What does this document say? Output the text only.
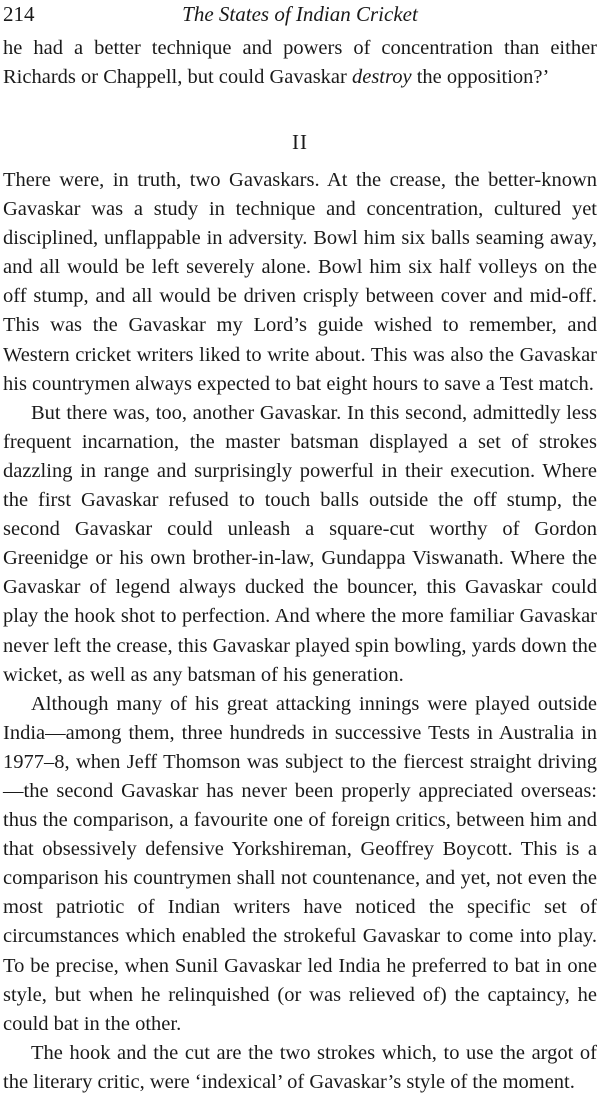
214	The States of Indian Cricket

he had a better technique and powers of concentration than either Richards or Chappell, but could Gavaskar destroy the opposition?’

II

There were, in truth, two Gavaskars. At the crease, the better-known Gavaskar was a study in technique and concentration, cultured yet disciplined, unflappable in adversity. Bowl him six balls seaming away, and all would be left severely alone. Bowl him six half volleys on the off stump, and all would be driven crisply between cover and mid-off. This was the Gavaskar my Lord’s guide wished to remember, and Western cricket writers liked to write about. This was also the Gavaskar his countrymen always expected to bat eight hours to save a Test match.

But there was, too, another Gavaskar. In this second, admittedly less frequent incarnation, the master batsman displayed a set of strokes dazzling in range and surprisingly powerful in their execution. Where the first Gavaskar refused to touch balls outside the off stump, the second Gavaskar could unleash a square-cut worthy of Gordon Greenidge or his own brother-in-law, Gundappa Viswanath. Where the Gavaskar of legend always ducked the bouncer, this Gavaskar could play the hook shot to perfection. And where the more familiar Gavaskar never left the crease, this Gavaskar played spin bowling, yards down the wicket, as well as any batsman of his generation.

Although many of his great attacking innings were played outside India—among them, three hundreds in successive Tests in Australia in 1977–8, when Jeff Thomson was subject to the fiercest straight driving—the second Gavaskar has never been properly appreciated overseas: thus the comparison, a favourite one of foreign critics, between him and that obsessively defensive Yorkshireman, Geoffrey Boycott. This is a comparison his countrymen shall not countenance, and yet, not even the most patriotic of Indian writers have noticed the specific set of circumstances which enabled the strokeful Gavaskar to come into play. To be precise, when Sunil Gavaskar led India he preferred to bat in one style, but when he relinquished (or was relieved of) the captaincy, he could bat in the other.

The hook and the cut are the two strokes which, to use the argot of the literary critic, were ‘indexical’ of Gavaskar’s style of the moment.
